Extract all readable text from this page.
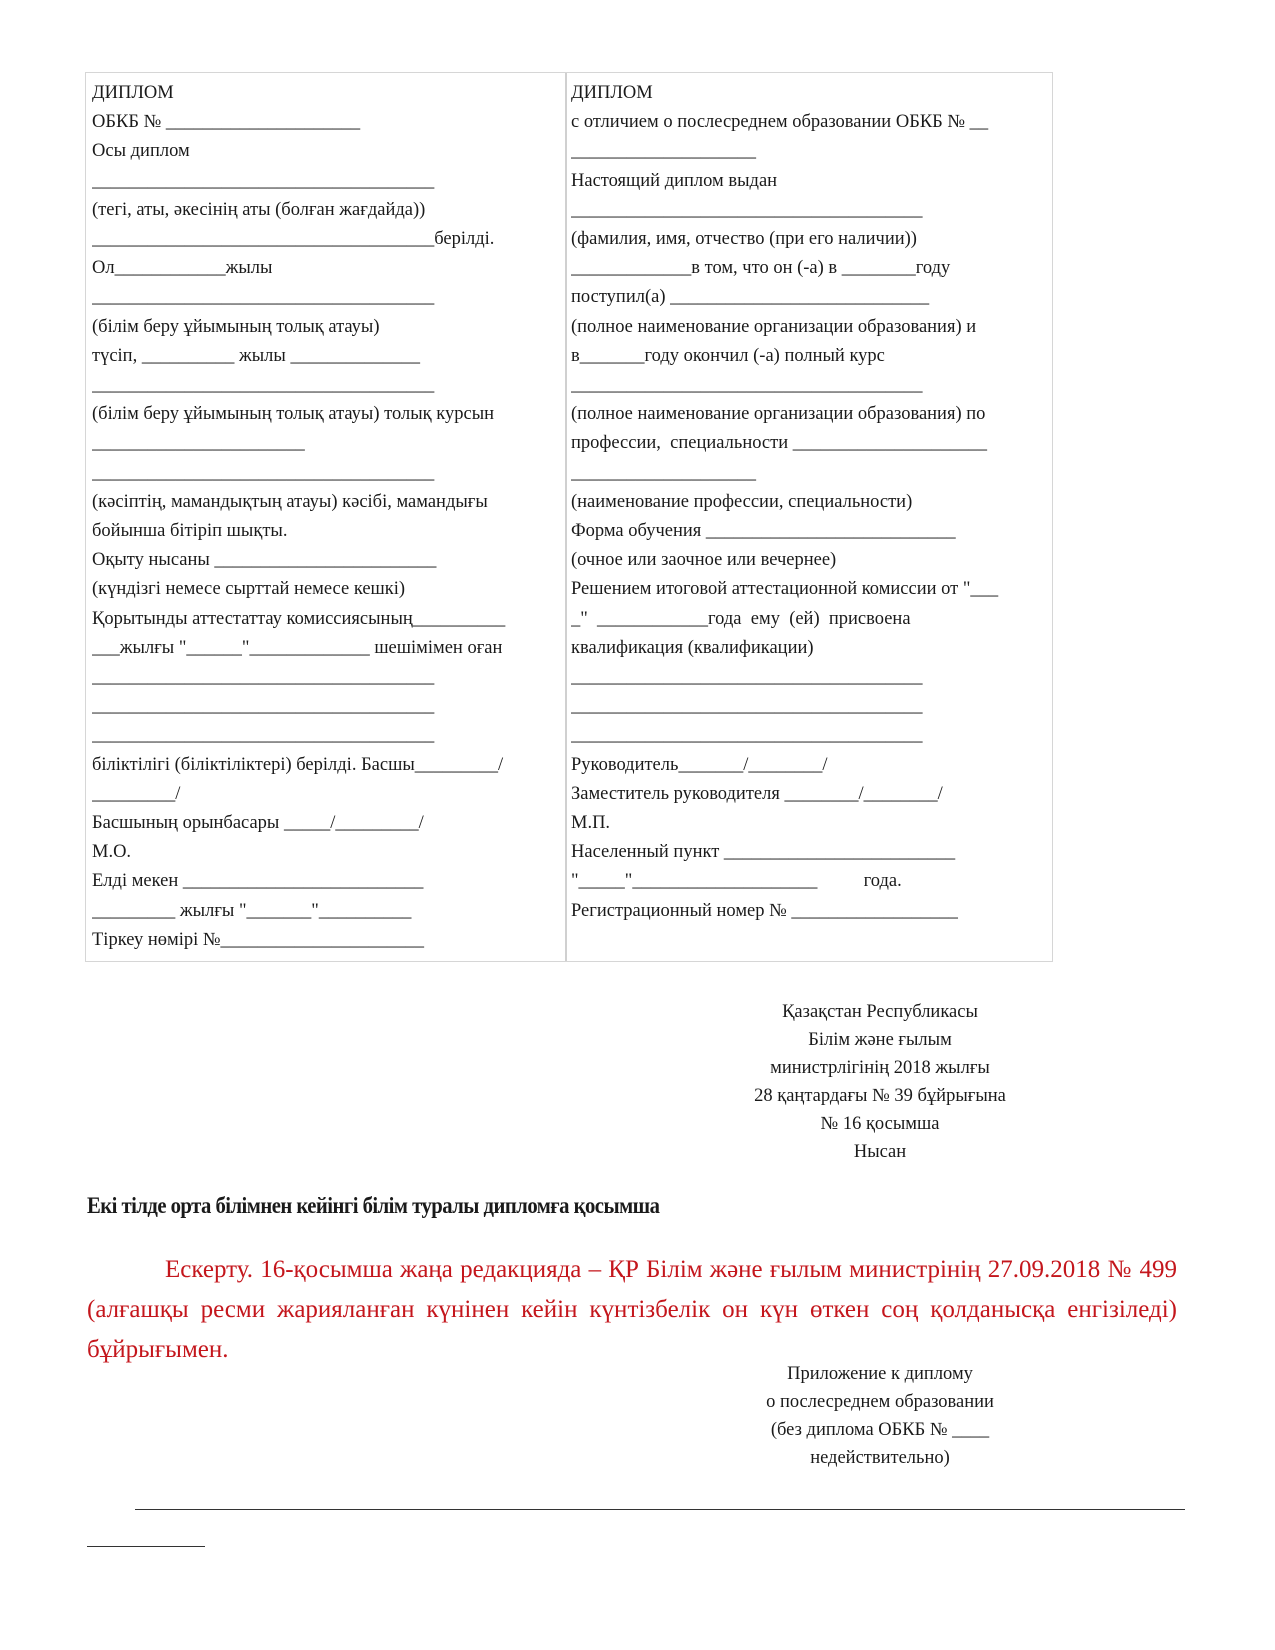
ДИПЛОМ
ОБКБ № _____________________
Осы диплом
_____________________________________
(тегі, аты, әкесінің аты (болған жағдайда))
_____________________________________берілді.
Ол____________жылы
_____________________________________
(білім беру ұйымының толық атауы)
түсіп, __________ жылы ______________
_____________________________________
(білім беру ұйымының толық атауы) толық курсын
_______________________
_____________________________________
(кәсіптің, мамандықтың атауы) кәсібі, мамандығы
бойынша бітіріп шықты.
Оқыту нысаны ________________________
(күндізгі немесе сырттай немесе кешкі)
Қорытынды аттестаттау комиссиясының__________
___жылғы "______"_____________ шешімімен оған
_____________________________________
_____________________________________
_____________________________________
біліктілігі (біліктіліктері) берілді. Басшы_________/
_________/
Басшының орынбасары _____/_________/
М.О.
Елді мекен __________________________
_________ жылғы "_______"__________
Тіркеу нөмірі №______________________
ДИПЛОМ
с отличием о послесреднем образовании ОБКБ № __
____________________
Настоящий диплом выдан
______________________________________
(фамилия, имя, отчество (при его наличии))
_____________в том, что он (-а) в ________году
поступил(а) ____________________________
(полное наименование организации образования) и
в_______году окончил (-а) полный курс
______________________________________
(полное наименование организации образования) по
профессии,  специальности _____________________
____________________
(наименование профессии, специальности)
Форма обучения ___________________________
(очное или заочное или вечернее)
Решением итоговой аттестационной комиссии от "___
_"  ____________года  ему  (ей)  присвоена
квалификация (квалификации)
______________________________________
______________________________________
______________________________________
Руководитель_______/________/
Заместитель руководителя ________/________/
М.П.
Населенный пункт _________________________
"_____"____________________          года.
Регистрационный номер № __________________
Қазақстан Республикасы
Білім және ғылым
министрлігінің 2018 жылғы
28 қаңтардағы № 39 бұйрығына
№ 16 қосымша
Нысан
Екі тілде орта білімнен кейінгі білім туралы дипломға қосымша
Ескерту. 16-қосымша жаңа редакцияда – ҚР Білім және ғылым министрінің 27.09.2018 № 499 (алғашқы ресми жарияланған күнінен кейін күнтізбелік он күн өткен соң қолданысқа енгізіледі) бұйрығымен.
Приложение к диплому
о послесреднем образовании
(без диплома ОБКБ № ____
недействительно)
